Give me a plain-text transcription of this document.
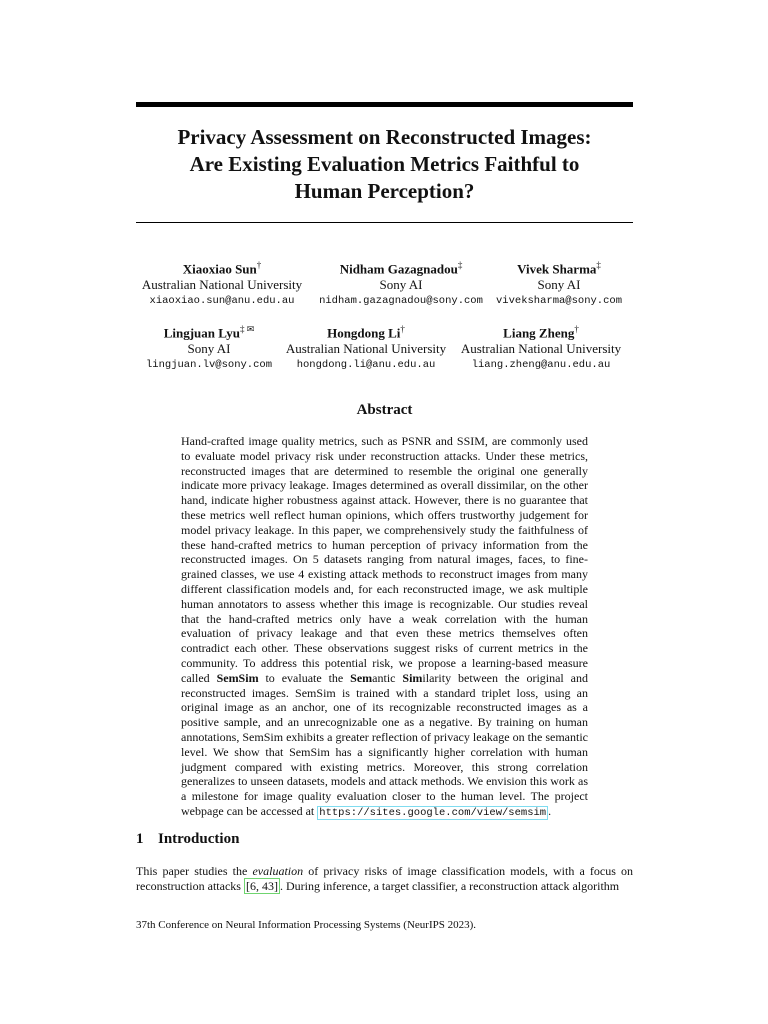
Privacy Assessment on Reconstructed Images:
Are Existing Evaluation Metrics Faithful to
Human Perception?
Xiaoxiao Sun†
Australian National University
xiaoxiao.sun@anu.edu.au
Nidham Gazagnadou‡
Sony AI
nidham.gazagnadou@sony.com
Vivek Sharma‡
Sony AI
viveksharma@sony.com
Lingjuan Lyu‡ ✉
Sony AI
lingjuan.lv@sony.com
Hongdong Li†
Australian National University
hongdong.li@anu.edu.au
Liang Zheng†
Australian National University
liang.zheng@anu.edu.au
Abstract
Hand-crafted image quality metrics, such as PSNR and SSIM, are commonly used to evaluate model privacy risk under reconstruction attacks. Under these metrics, reconstructed images that are determined to resemble the original one generally indicate more privacy leakage. Images determined as overall dissimilar, on the other hand, indicate higher robustness against attack. However, there is no guarantee that these metrics well reflect human opinions, which offers trustworthy judgement for model privacy leakage. In this paper, we comprehensively study the faithfulness of these hand-crafted metrics to human perception of privacy information from the reconstructed images. On 5 datasets ranging from natural images, faces, to fine-grained classes, we use 4 existing attack methods to reconstruct images from many different classification models and, for each reconstructed image, we ask multiple human annotators to assess whether this image is recognizable. Our studies reveal that the hand-crafted metrics only have a weak correlation with the human evaluation of privacy leakage and that even these metrics themselves often contradict each other. These observations suggest risks of current metrics in the community. To address this potential risk, we propose a learning-based measure called SemSim to evaluate the Semantic Similarity between the original and reconstructed images. SemSim is trained with a standard triplet loss, using an original image as an anchor, one of its recognizable reconstructed images as a positive sample, and an unrecognizable one as a negative. By training on human annotations, SemSim exhibits a greater reflection of privacy leakage on the semantic level. We show that SemSim has a significantly higher correlation with human judgment compared with existing metrics. Moreover, this strong correlation generalizes to unseen datasets, models and attack methods. We envision this work as a milestone for image quality evaluation closer to the human level. The project webpage can be accessed at https://sites.google.com/view/semsim .
1 Introduction
This paper studies the evaluation of privacy risks of image classification models, with a focus on reconstruction attacks [6, 43] . During inference, a target classifier, a reconstruction attack algorithm
37th Conference on Neural Information Processing Systems (NeurIPS 2023).
